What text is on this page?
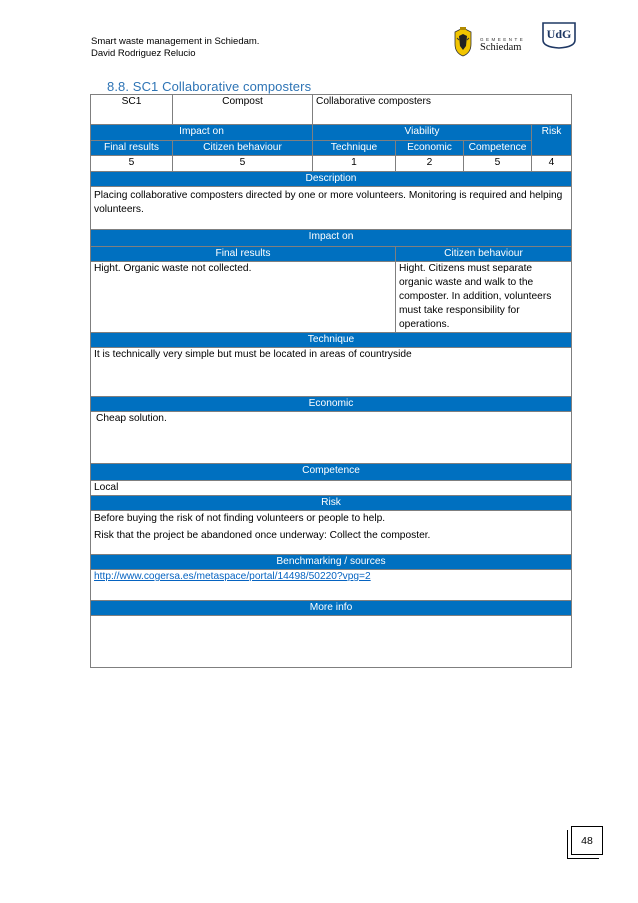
Smart waste management in Schiedam.
David Rodriguez Relucio
GEMEENTE
Schiedam
UdG
8.8. SC1 Collaborative composters
SC1	Compost	Collaborative composters			
Impact on		Viability			Risk
Final results	Citizen behaviour	Technique	Economic	Competence	
5	5	1	2	5	4
Description					
Placing collaborative composters directed by one or more volunteers. Monitoring is required and helping volunteers.					
Impact on					
Final results			Citizen behaviour		
Hight. Organic waste not collected.			Hight. Citizens must separate organic waste and walk to the composter. In addition, volunteers must take responsibility for operations.		
Technique					
It is technically very simple but must be located in areas of countryside					
Economic					
Cheap solution.					
Competence					
Local					
Risk					

Before buying the risk of not finding volunteers or people to help.
Risk that the project be abandoned once underway: Collect the composter.					

Benchmarking / sources					
http://www.cogersa.es/metaspace/portal/14498/50220?vpg=2					
More info					

48
